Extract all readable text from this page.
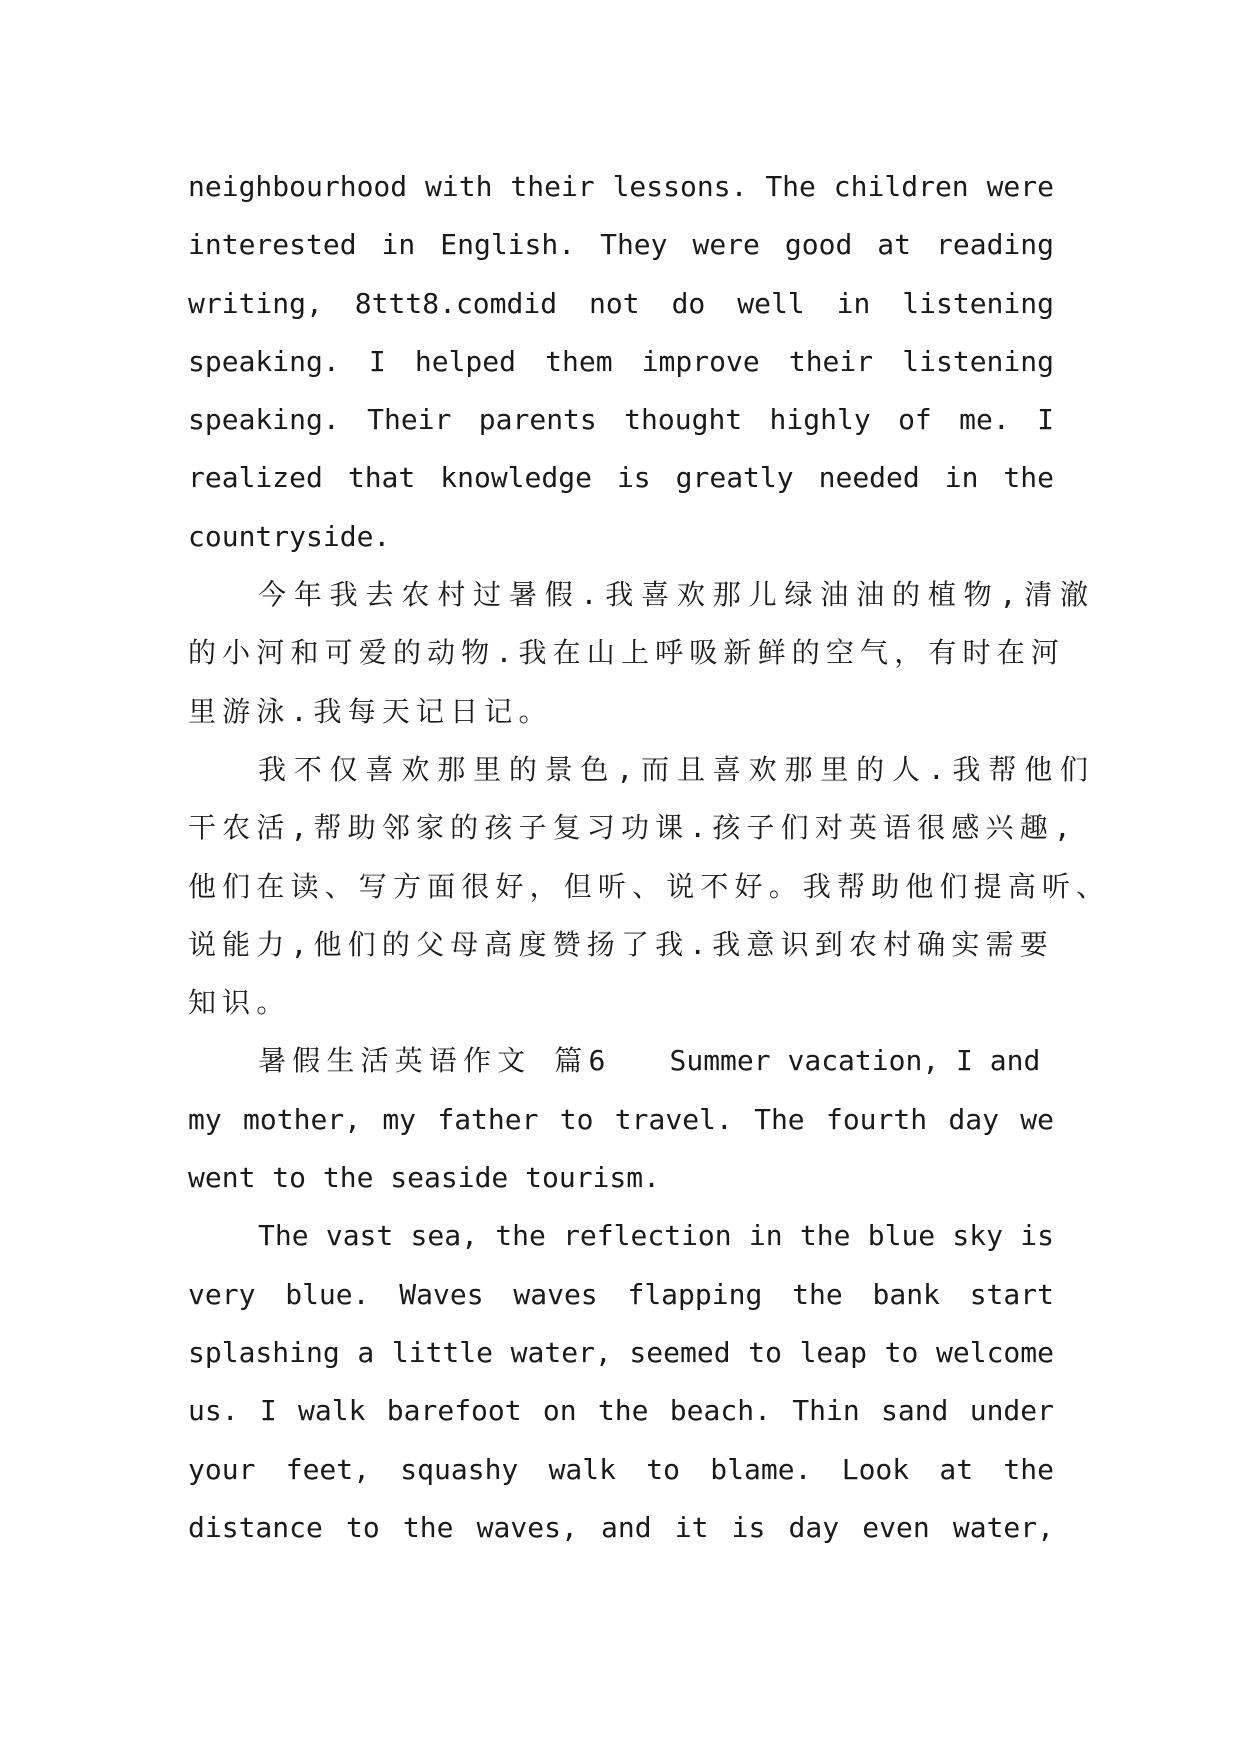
neighbourhood with their lessons. The children were
interested in English. They were good at reading
writing, 8ttt8.comdid not do well in listening
speaking. I helped them improve their listening
speaking. Their parents thought highly of me. I
realized that knowledge is greatly needed in the
countryside.
今年我去农村过暑假.我喜欢那儿绿油油的植物,清澈
的小河和可爱的动物.我在山上呼吸新鲜的空气，有时在河
里游泳.我每天记日记。
我不仅喜欢那里的景色,而且喜欢那里的人.我帮他们
干农活,帮助邻家的孩子复习功课.孩子们对英语很感兴趣,
他们在读、写方面很好，但听、说不好。我帮助他们提高听、
说能力,他们的父母高度赞扬了我.我意识到农村确实需要
知识。
暑假生活英语作文 篇6 Summer vacation, I and
my mother, my father to travel. The fourth day we
went to the seaside tourism.
The vast sea, the reflection in the blue sky is
very blue. Waves waves flapping the bank start
splashing a little water, seemed to leap to welcome
us. I walk barefoot on the beach. Thin sand under
your feet, squashy walk to blame. Look at the
distance to the waves, and it is day even water,
